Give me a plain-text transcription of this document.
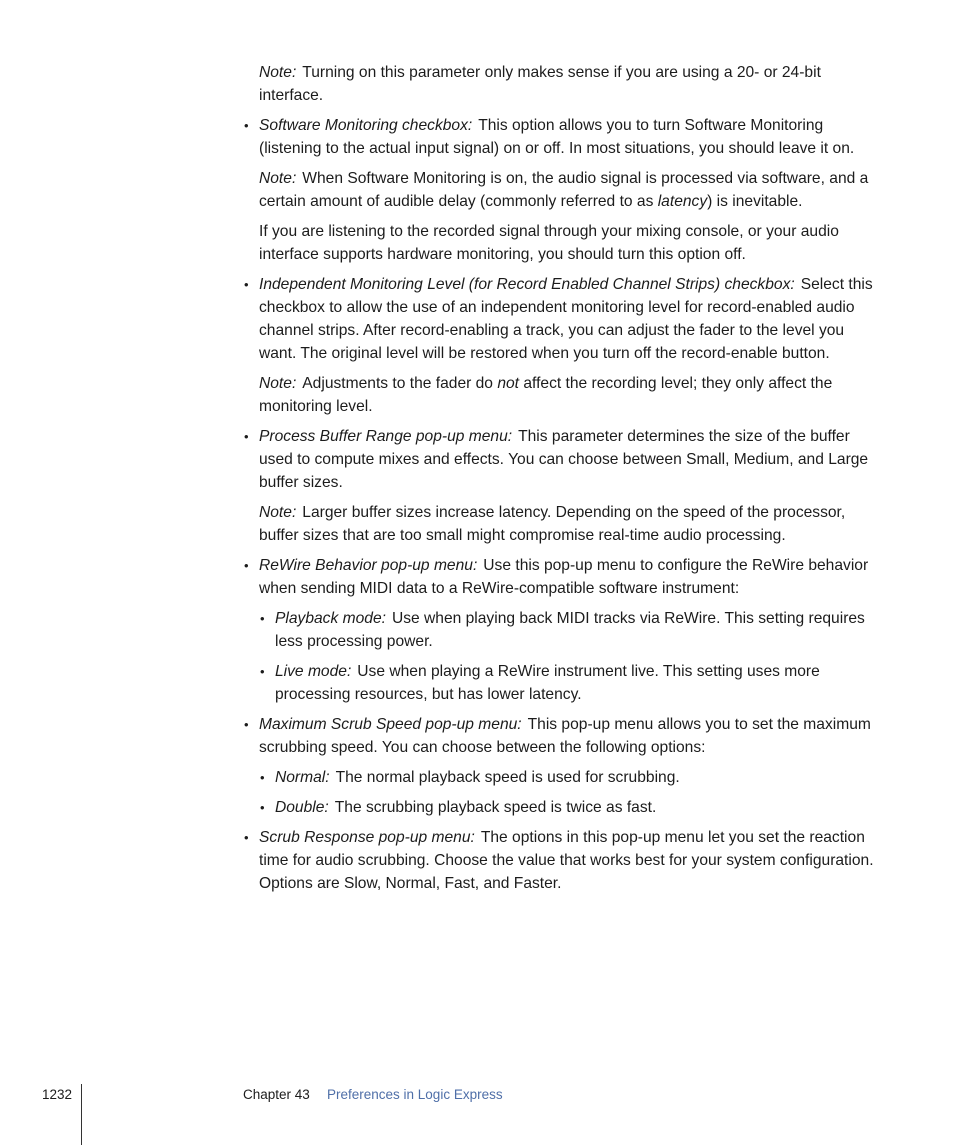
Note: Turning on this parameter only makes sense if you are using a 20- or 24-bit interface.

• Software Monitoring checkbox: This option allows you to turn Software Monitoring (listening to the actual input signal) on or off. In most situations, you should leave it on.

Note: When Software Monitoring is on, the audio signal is processed via software, and a certain amount of audible delay (commonly referred to as latency) is inevitable.

If you are listening to the recorded signal through your mixing console, or your audio interface supports hardware monitoring, you should turn this option off.

• Independent Monitoring Level (for Record Enabled Channel Strips) checkbox: Select this checkbox to allow the use of an independent monitoring level for record-enabled audio channel strips. After record-enabling a track, you can adjust the fader to the level you want. The original level will be restored when you turn off the record-enable button.

Note: Adjustments to the fader do not affect the recording level; they only affect the monitoring level.

• Process Buffer Range pop-up menu: This parameter determines the size of the buffer used to compute mixes and effects. You can choose between Small, Medium, and Large buffer sizes.

Note: Larger buffer sizes increase latency. Depending on the speed of the processor, buffer sizes that are too small might compromise real-time audio processing.

• ReWire Behavior pop-up menu: Use this pop-up menu to configure the ReWire behavior when sending MIDI data to a ReWire-compatible software instrument:
• Playback mode: Use when playing back MIDI tracks via ReWire. This setting requires less processing power.
• Live mode: Use when playing a ReWire instrument live. This setting uses more processing resources, but has lower latency.
• Maximum Scrub Speed pop-up menu: This pop-up menu allows you to set the maximum scrubbing speed. You can choose between the following options:
• Normal: The normal playback speed is used for scrubbing.
• Double: The scrubbing playback speed is twice as fast.
• Scrub Response pop-up menu: The options in this pop-up menu let you set the reaction time for audio scrubbing. Choose the value that works best for your system configuration. Options are Slow, Normal, Fast, and Faster.
1232	Chapter 43 Preferences in Logic Express
